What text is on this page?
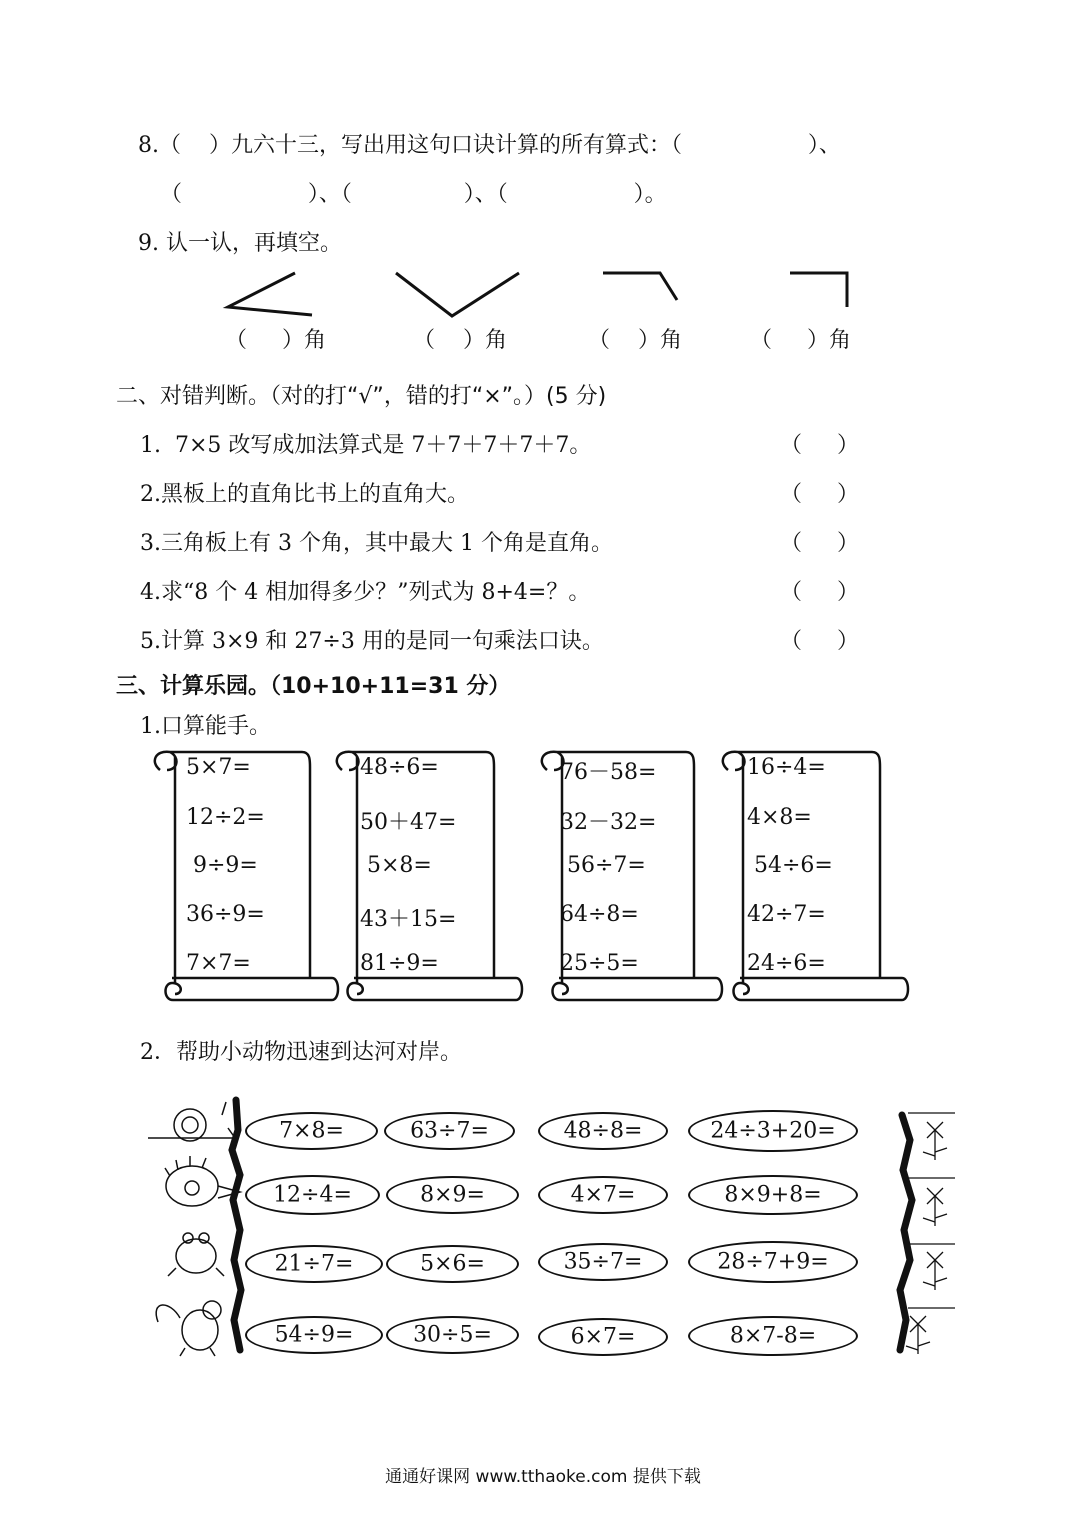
8.（    ）九六十三，写出用这句口诀计算的所有算式：（                  ）、
（                  ）、（                ）、（                  ）。
9. 认一认，再填空。
（     ）角	（    ）角	（    ）角	（     ）角
二、对错判断。（对的打“√”，错的打“×”。）(5 分)
1.  7×5 改写成加法算式是 7＋7＋7＋7＋7。	（     ）
2.黑板上的直角比书上的直角大。	（     ）
3.三角板上有 3 个角，其中最大 1 个角是直角。	（     ）
4.求“8 个 4 相加得多少？”列式为 8+4=？。	（     ）
5.计算 3×9 和 27÷3 用的是同一句乘法口诀。	（     ）
三、计算乐园。（10+10+11=31 分）
1.口算能手。
5×7=
12÷2=
9÷9=
36÷9=
7×7=
48÷6=
50＋47=
5×8=
43＋15=
81÷9=
76－58=
32－32=
56÷7=
64÷8=
25÷5=
16÷4=
4×8=
54÷6=
42÷7=
24÷6=
2．帮助小动物迅速到达河对岸。
7×8=	63÷7=	48÷8=	24÷3+20=
12÷4=	8×9=	4×7=	8×9+8=
21÷7=	5×6=	35÷7=	28÷7+9=
54÷9=	30÷5=	6×7=	8×7-8=
通通好课网 www.tthaoke.com 提供下载
